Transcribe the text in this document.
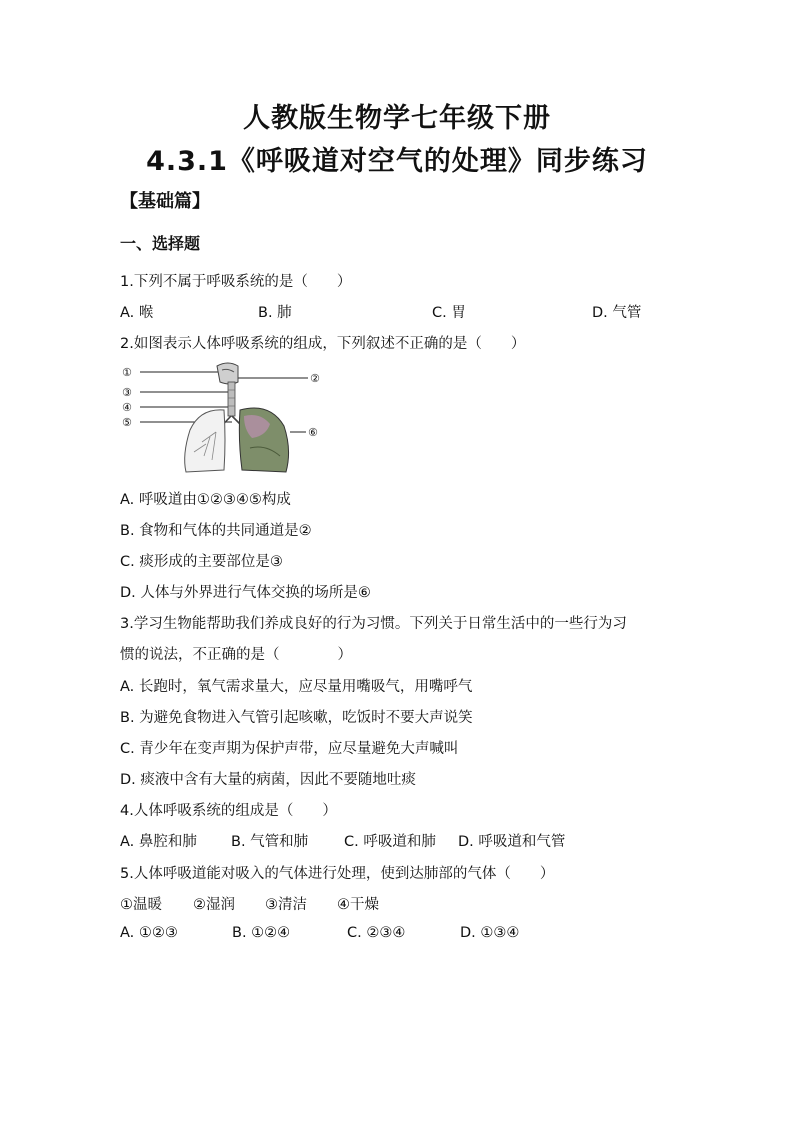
人教版生物学七年级下册
4.3.1《呼吸道对空气的处理》同步练习
【基础篇】
一、选择题
1.下列不属于呼吸系统的是（　　）
A. 喉	B. 肺	C. 胃	D. 气管
2.如图表示人体呼吸系统的组成，下列叙述不正确的是（　　）
①	②
③
④
⑤
⑥
A. 呼吸道由①②③④⑤构成
B. 食物和气体的共同通道是②
C. 痰形成的主要部位是③
D. 人体与外界进行气体交换的场所是⑥
3.学习生物能帮助我们养成良好的行为习惯。下列关于日常生活中的一些行为习
惯的说法，不正确的是（　　　　）
A. 长跑时，氧气需求量大，应尽量用嘴吸气，用嘴呼气
B. 为避免食物进入气管引起咳嗽，吃饭时不要大声说笑
C. 青少年在变声期为保护声带，应尽量避免大声喊叫
D. 痰液中含有大量的病菌，因此不要随地吐痰
4.人体呼吸系统的组成是（　　）
A. 鼻腔和肺 B. 气管和肺 C. 呼吸道和肺 D. 呼吸道和气管
5.人体呼吸道能对吸入的气体进行处理，使到达肺部的气体（　　）
①温暖 ②湿润 ③清洁 ④干燥
A. ①②③	B. ①②④	C. ②③④	D. ①③④
